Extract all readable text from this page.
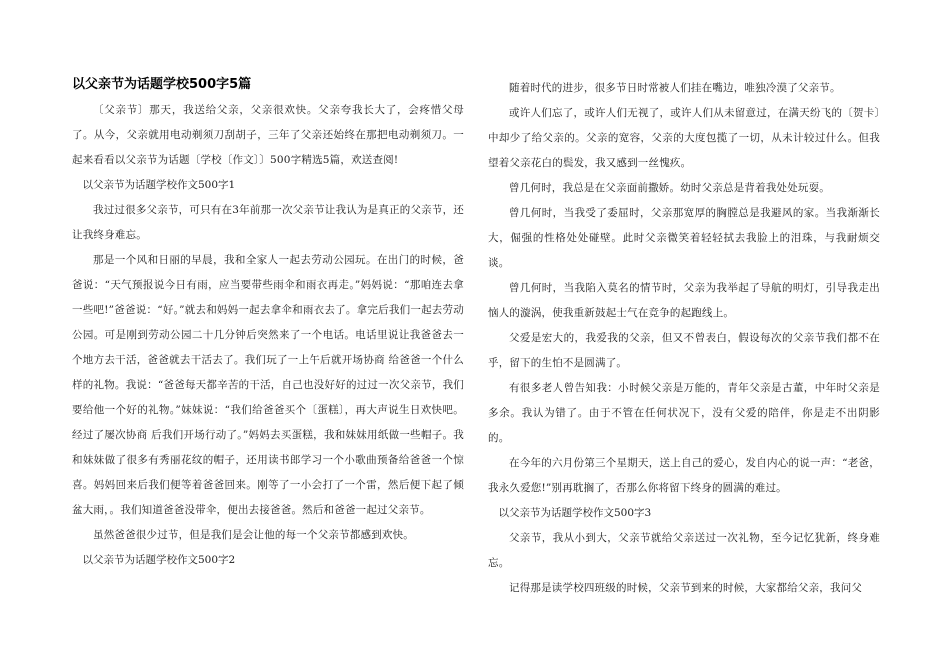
以父亲节为话题学校500字5篇

〔父亲节〕那天，我送给父亲，父亲很欢快。父亲夸我长大了，会疼惜父母了。从今，父亲就用电动剃须刀刮胡子，三年了父亲还始终在那把电动剃须刀。一起来看看以父亲节为话题〔学校〔作文〕〕500字精选5篇，欢送查阅!

以父亲节为话题学校作文500字1

我过过很多父亲节，可只有在3年前那一次父亲节让我认为是真正的父亲节，还让我终身难忘。

那是一个风和日丽的早晨，我和全家人一起去劳动公园玩。在出门的时候，爸爸说：“天气预报说今日有雨，应当要带些雨伞和雨衣再走。”妈妈说：“那咱连去拿一些吧!”爸爸说：“好。”就去和妈妈一起去拿伞和雨衣去了。拿完后我们一起去劳动公园。可是刚到劳动公园二十几分钟后突然来了一个电话。电话里说让我爸爸去一个地方去干活，爸爸就去干活去了。我们玩了一上午后就开场协商 给爸爸一个什么样的礼物。我说：“爸爸每天都辛苦的干活，自己也没好好的过过一次父亲节，我们要给他一个好的礼物。”妹妹说：“我们给爸爸买个〔蛋糕〕，再大声说生日欢快吧。经过了屡次协商 后我们开场行动了。”妈妈去买蛋糕，我和妹妹用纸做一些帽子。我和妹妹做了很多有秀丽花纹的帽子，还用读书郎学习一个小歌曲预备给爸爸一个惊喜。妈妈回来后我们便等着爸爸回来。刚等了一小会打了一个雷，然后便下起了倾盆大雨，。我们知道爸爸没带伞，便出去接爸爸。然后和爸爸一起过父亲节。

虽然爸爸很少过节，但是我们是会让他的每一个父亲节都感到欢快。

以父亲节为话题学校作文500字2

随着时代的进步，很多节日时常被人们挂在嘴边，唯独冷漠了父亲节。

或许人们忘了，或许人们无视了，或许人们从未留意过，在满天纷飞的〔贺卡〕中却少了给父亲的。父亲的宽容，父亲的大度包揽了一切，从未计较过什么。但我望着父亲花白的鬓发，我又感到一丝愧疚。

曾几何时，我总是在父亲面前撒娇。幼时父亲总是背着我处处玩耍。

曾几何时，当我受了委屈时，父亲那宽厚的胸膛总是我避风的家。当我渐渐长大，倔强的性格处处碰壁。此时父亲微笑着轻轻拭去我脸上的泪珠，与我耐烦交谈。

曾几何时，当我陷入莫名的情节时，父亲为我举起了导航的明灯，引导我走出恼人的漩涡，使我重新鼓起士气在竞争的起跑线上。

父爱是宏大的，我爱我的父亲，但又不曾表白，假设每次的父亲节我们都不在乎，留下的生怕不是圆满了。

有很多老人曾告知我：小时候父亲是万能的，青年父亲是古董，中年时父亲是多余。我认为错了。由于不管在任何状况下，没有父爱的陪伴，你是走不出阴影的。

在今年的六月份第三个星期天，送上自己的爱心，发自内心的说一声：“老爸，我永久爱您!”别再耽搁了，否那么你将留下终身的圆满的难过。

以父亲节为话题学校作文500字3

父亲节，我从小到大，父亲节就给父亲送过一次礼物，至今记忆犹新，终身难忘。

记得那是读学校四班级的时候，父亲节到来的时候，大家都给父亲，我问父
